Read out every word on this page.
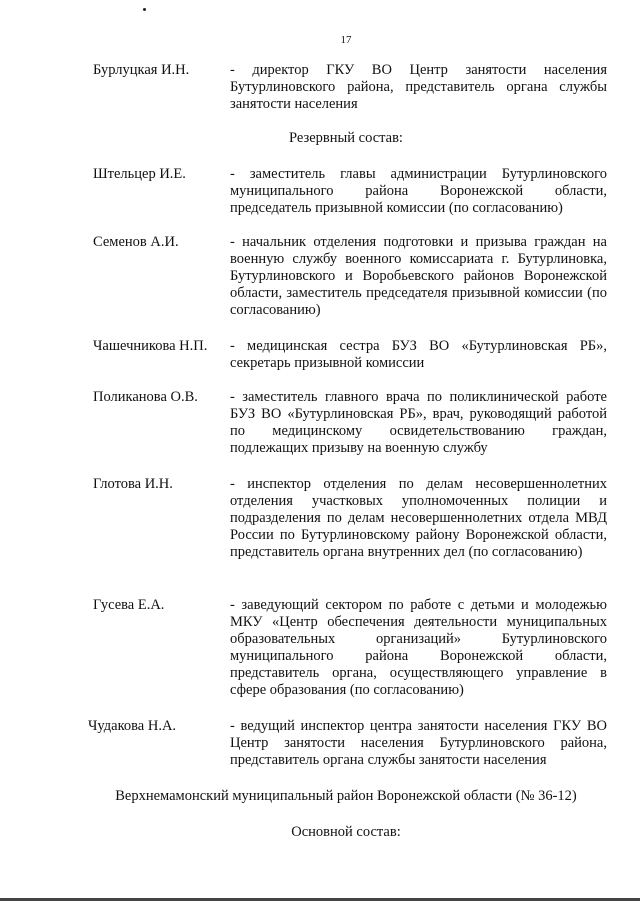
17
Бурлуцкая И.Н.	- директор ГКУ ВО Центр занятости населения Бутурлиновского района, представитель органа службы занятости населения
Резервный состав:
Штельцер И.Е.	- заместитель главы администрации Бутурлиновского муниципального района Воронежской области, председатель призывной комиссии (по согласованию)
Семенов А.И.	- начальник отделения подготовки и призыва граждан на военную службу военного комиссариата г. Бутурлиновка, Бутурлиновского и Воробьевского районов Воронежской области, заместитель председателя призывной комиссии (по согласованию)
Чашечникова Н.П. - медицинская сестра БУЗ ВО «Бутурлиновская РБ», секретарь призывной комиссии
Поликанова О.В. - заместитель главного врача по поликлинической работе БУЗ ВО «Бутурлиновская РБ», врач, руководящий работой по медицинскому освидетельствованию граждан, подлежащих призыву на военную службу
Глотова И.Н.	- инспектор отделения по делам несовершеннолетних отделения участковых уполномоченных полиции и подразделения по делам несовершеннолетних отдела МВД России по Бутурлиновскому району Воронежской области, представитель органа внутренних дел (по согласованию)
Гусева Е.А.	- заведующий сектором по работе с детьми и молодежью МКУ «Центр обеспечения деятельности муниципальных образовательных организаций» Бутурлиновского муниципального района Воронежской области, представитель органа, осуществляющего управление в сфере образования (по согласованию)
Чудакова Н.А.	- ведущий инспектор центра занятости населения ГКУ ВО Центр занятости населения Бутурлиновского района, представитель органа службы занятости населения
Верхнемамонский муниципальный район Воронежской области (№ 36-12)
Основной состав:
